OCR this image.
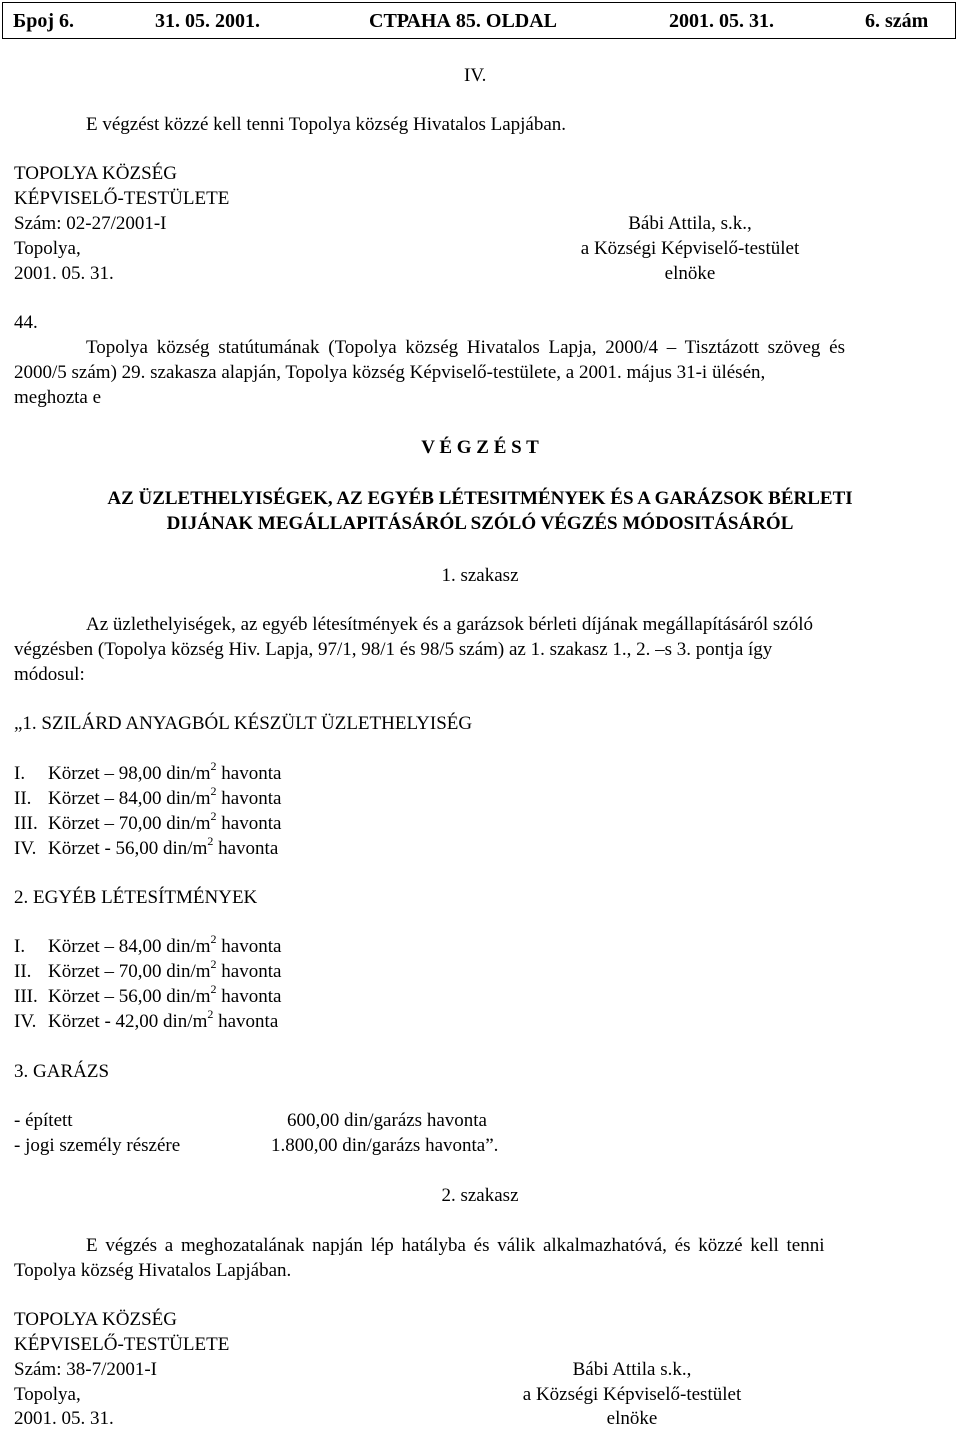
Број 6.	31. 05. 2001.	СТРАНА 85. OLDAL	2001. 05. 31.	6. szám
IV.
E végzést közzé kell tenni Topolya község Hivatalos Lapjában.
TOPOLYA KÖZSÉG
KÉPVISELŐ-TESTÜLETE
Szám: 02-27/2001-I
Topolya,
2001. 05. 31.
Bábi Attila, s.k.,
a Községi Képviselő-testület
elnöke
44.
Topolya község statútumának (Topolya község Hivatalos Lapja, 2000/4 – Tisztázott szöveg és
2000/5 szám) 29. szakasza alapján, Topolya község Képviselő-testülete, a 2001. május 31-i ülésén,
meghozta e
V É G Z É S T
AZ ÜZLETHELYISÉGEK, AZ EGYÉB LÉTESITMÉNYEK ÉS A GARÁZSOK BÉRLETI
DIJÁNAK MEGÁLLAPITÁSÁRÓL SZÓLÓ VÉGZÉS MÓDOSITÁSÁRÓL
1. szakasz
Az üzlethelyiségek, az egyéb létesítmények és a garázsok bérleti díjának megállapításáról szóló
végzésben (Topolya község Hiv. Lapja, 97/1, 98/1 és 98/5 szám) az 1. szakasz 1., 2. –s 3. pontja így
módosul:
„1. SZILÁRD ANYAGBÓL KÉSZÜLT ÜZLETHELYISÉG
I. Körzet – 98,00 din/$m^2$ havonta
II. Körzet – 84,00 din/$m^2$ havonta
III. Körzet – 70,00 din/$m^2$ havonta
IV. Körzet - 56,00 din/$m^2$ havonta
2. EGYÉB LÉTESÍTMÉNYEK
I. Körzet – 84,00 din/$m^2$ havonta
II. Körzet – 70,00 din/$m^2$ havonta
III. Körzet – 56,00 din/$m^2$ havonta
IV. Körzet - 42,00 din/$m^2$ havonta
3. GARÁZS
- épített	600,00 din/garázs havonta
- jogi személy részére	1.800,00 din/garázs havonta”.
2. szakasz
E végzés a meghozatalának napján lép hatályba és válik alkalmazhatóvá, és közzé kell tenni
Topolya község Hivatalos Lapjában.
TOPOLYA KÖZSÉG
KÉPVISELŐ-TESTÜLETE
Szám: 38-7/2001-I
Topolya,
2001. 05. 31.
Bábi Attila s.k.,
a Községi Képviselő-testület
elnöke
